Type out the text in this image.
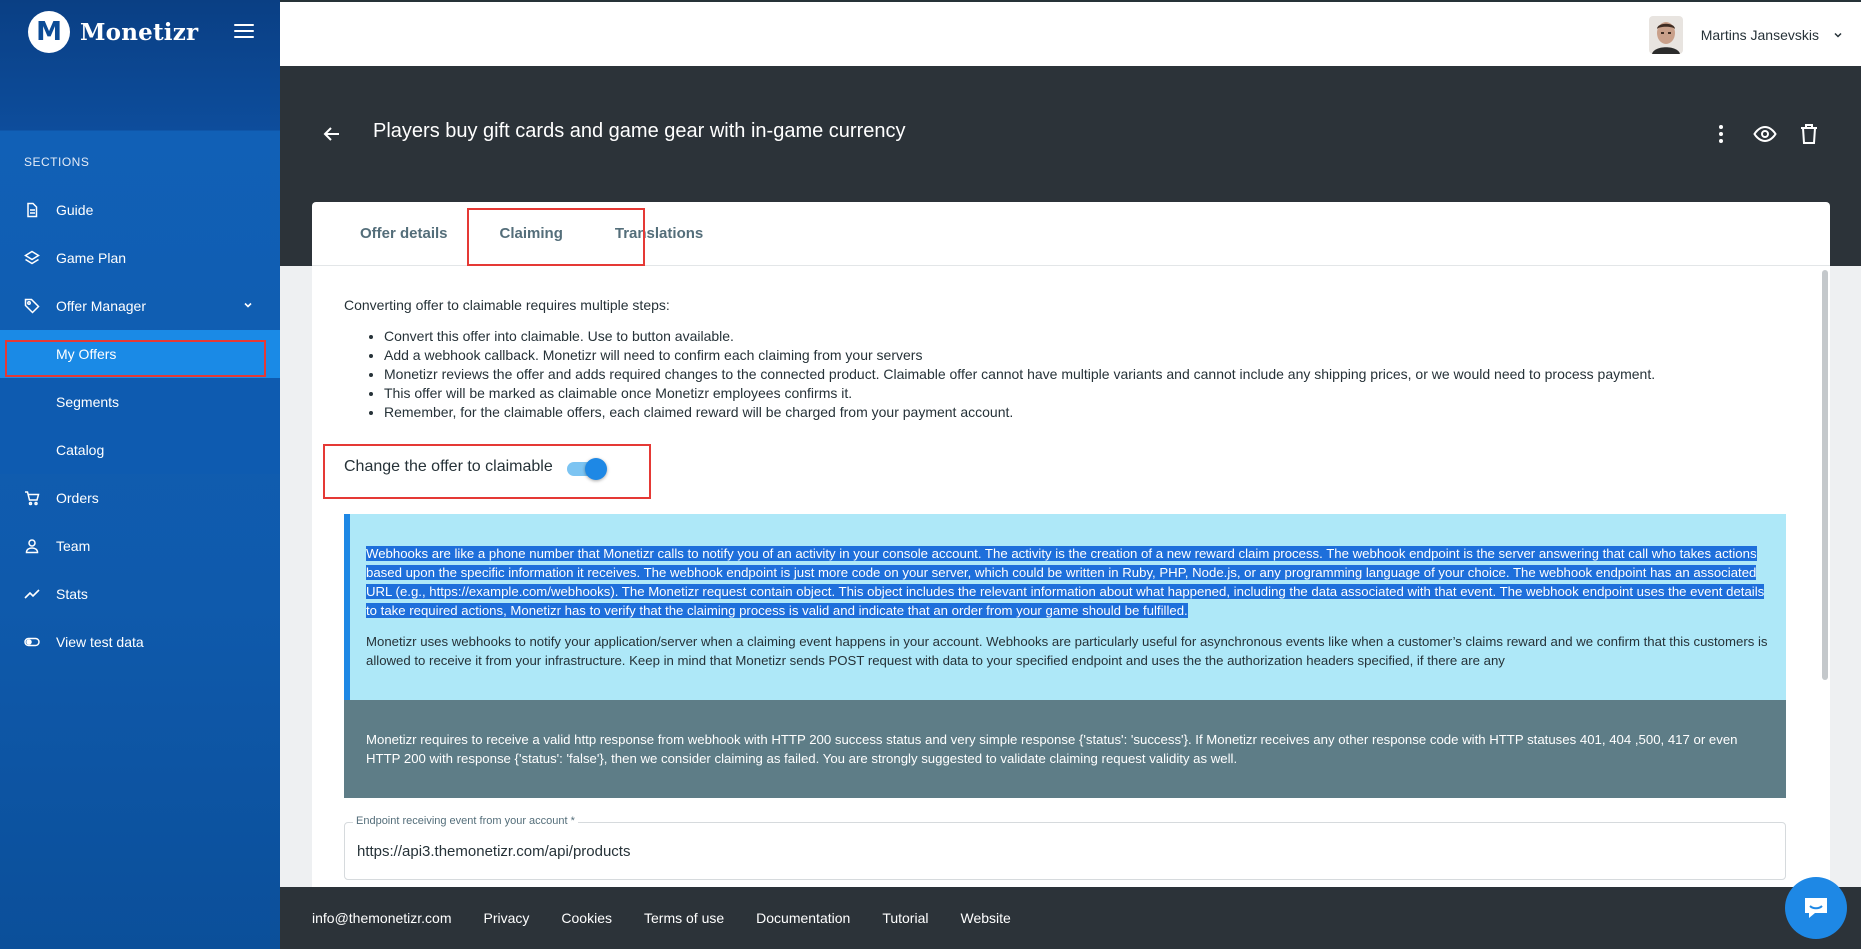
M Monetizr
SECTIONS
Guide
Game Plan
Offer Manager
My Offers
Segments
Catalog
Orders
Team
Stats
View test data
Martins Jansevskis
Players buy gift cards and game gear with in-game currency
Offer details	Claiming	Translations
Converting offer to claimable requires multiple steps:
• Convert this offer into claimable. Use to button available.
• Add a webhook callback. Monetizr will need to confirm each claiming from your servers
• Monetizr reviews the offer and adds required changes to the connected product. Claimable offer cannot have multiple variants and cannot include any shipping prices, or we would need to process payment.
• This offer will be marked as claimable once Monetizr employees confirms it.
• Remember, for the claimable offers, each claimed reward will be charged from your payment account.
Change the offer to claimable

Webhooks are like a phone number that Monetizr calls to notify you of an activity in your console account. The activity is the creation of a new reward claim process. The webhook endpoint is the server answering that call who takes actions based upon the specific information it receives. The webhook endpoint is just more code on your server, which could be written in Ruby, PHP, Node.js, or any programming language of your choice. The webhook endpoint has an associated URL (e.g., https://example.com/webhooks). The Monetizr request contain object. This object includes the relevant information about what happened, including the data associated with that event. The webhook endpoint uses the event details to take required actions, Monetizr has to verify that the claiming process is valid and indicate that an order from your game should be fulfilled.

Monetizr uses webhooks to notify your application/server when a claiming event happens in your account. Webhooks are particularly useful for asynchronous events like when a customer’s claims reward and we confirm that this customers is allowed to receive it from your infrastructure. Keep in mind that Monetizr sends POST request with data to your specified endpoint and uses the the authorization headers specified, if there are any

Monetizr requires to receive a valid http response from webhook with HTTP 200 success status and very simple response {'status': 'success'}. If Monetizr receives any other response code with HTTP statuses 401, 404 ,500, 417 or even HTTP 200 with response {'status': 'false'}, then we consider claiming as failed. You are strongly suggested to validate claiming request validity as well.
Endpoint receiving event from your account *
https://api3.themonetizr.com/api/products
info@themonetizr.com Privacy Cookies Terms of use Documentation Tutorial Website
